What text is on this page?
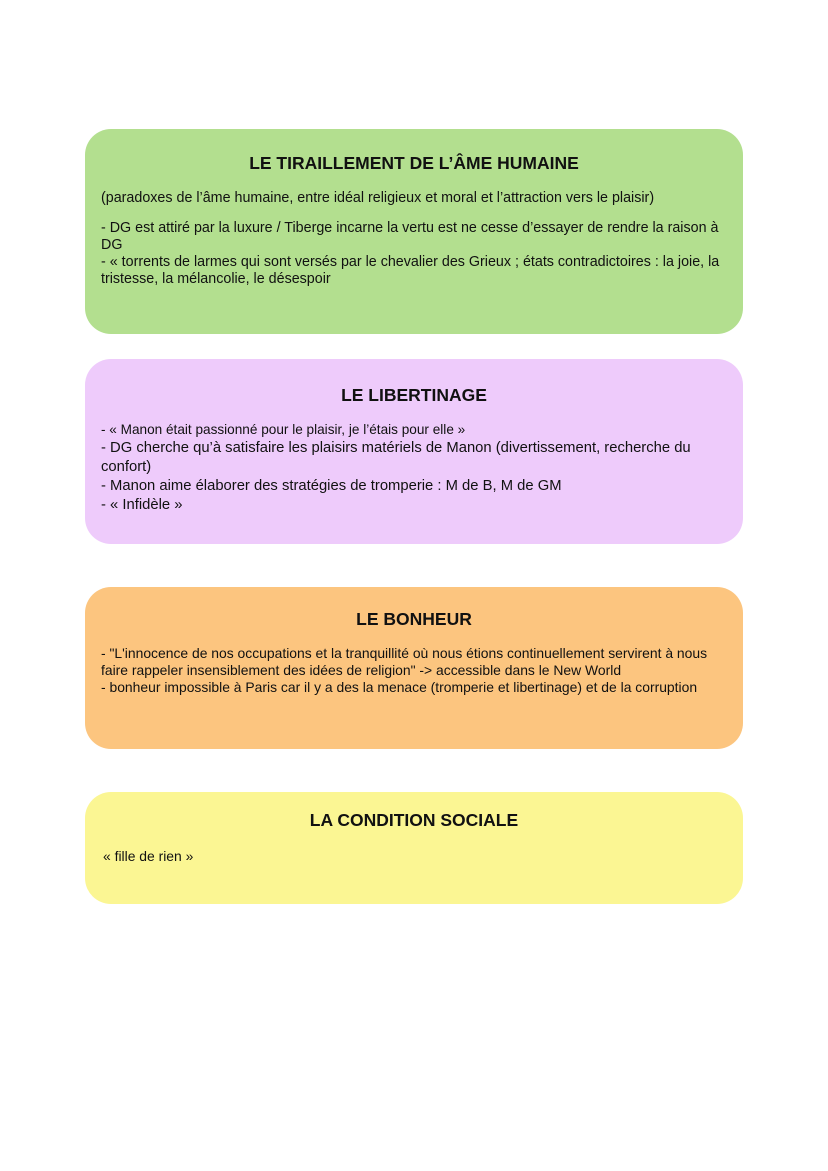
LE TIRAILLEMENT DE L’ÂME HUMAINE

(paradoxes de l’âme humaine, entre idéal religieux et moral et l’attraction vers le plaisir)

- DG est attiré par la luxure / Tiberge incarne la vertu est ne cesse d’essayer de rendre la raison à DG

- « torrents de larmes qui sont versés par le chevalier des Grieux ; états contradictoires : la joie, la tristesse, la mélancolie, le désespoir

LE LIBERTINAGE

- « Manon était passionné pour le plaisir, je l’étais pour elle »

- DG cherche qu’à satisfaire les plaisirs matériels de Manon (divertissement, recherche du confort)

- Manon aime élaborer des stratégies de tromperie : M de B, M de GM

- « Infidèle »

LE BONHEUR

- "L'innocence de nos occupations et la tranquillité où nous étions continuellement servirent à nous faire rappeler insensiblement des idées de religion" -> accessible dans le New World

- bonheur impossible à Paris car il y a des la menace (tromperie et libertinage) et de la corruption

LA CONDITION SOCIALE

« fille de rien »
